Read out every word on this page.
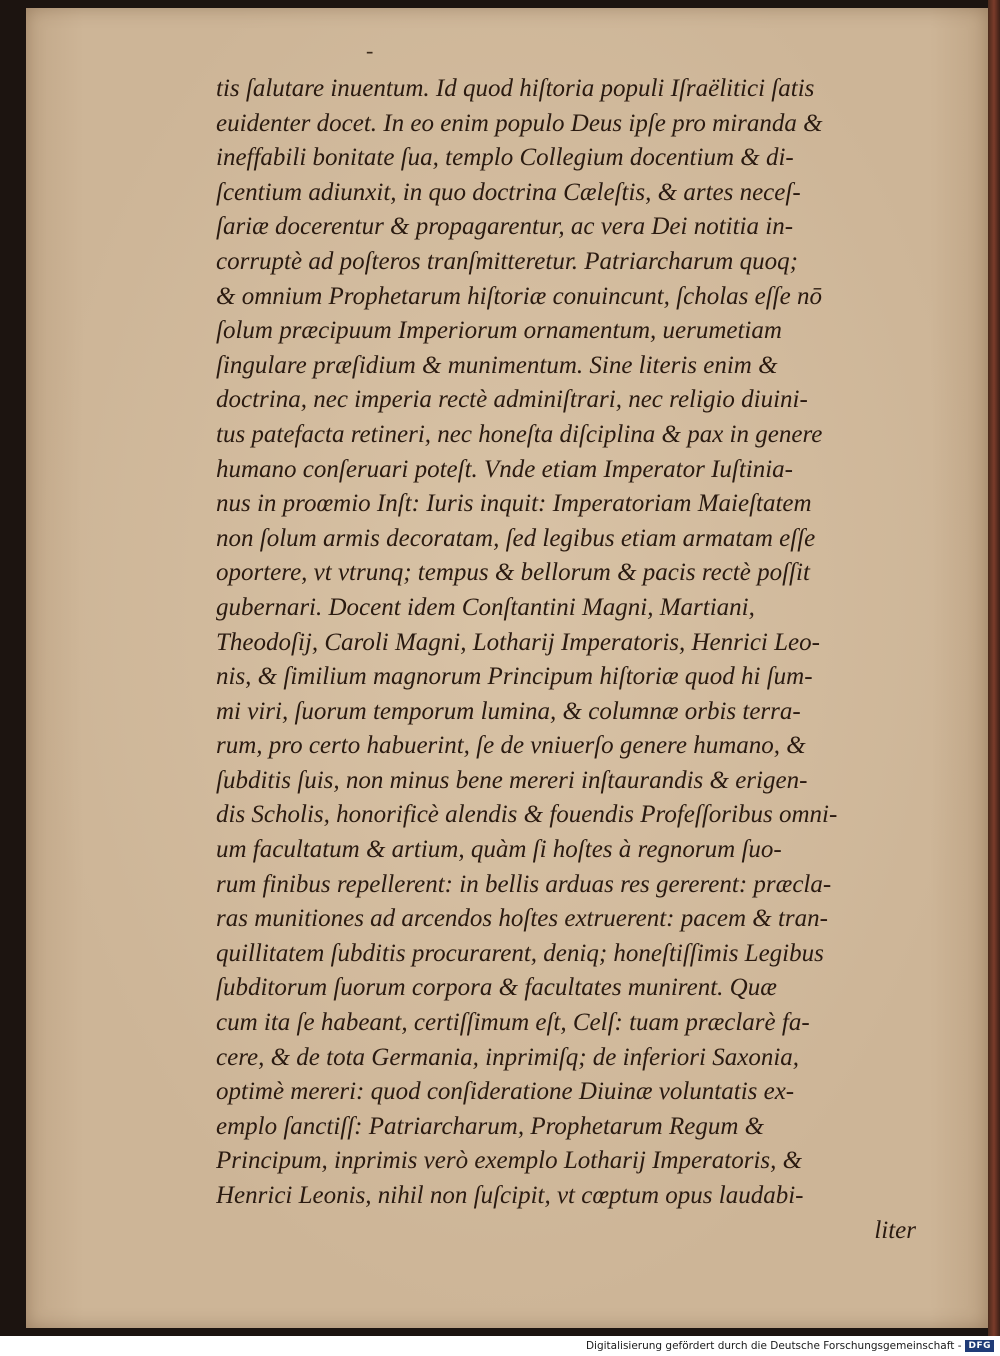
-
tis ſalutare inuentum. Id quod hiſtoria populi Iſraëlitici ſatis
euidenter docet. In eo enim populo Deus ipſe pro miranda &
ineffabili bonitate ſua, templo Collegium docentium & di-
ſcentium adiunxit, in quo doctrina Cæleſtis, & artes neceſ-
ſariæ docerentur & propagarentur, ac vera Dei notitia in-
corruptè ad poſteros tranſmitteretur. Patriarcharum quoq;
& omnium Prophetarum hiſtoriæ conuincunt, ſcholas eſſe nō
ſolum præcipuum Imperiorum ornamentum, uerumetiam
ſingulare præſidium & munimentum. Sine literis enim &
doctrina, nec imperia rectè adminiſtrari, nec religio diuini-
tus patefacta retineri, nec honeſta diſciplina & pax in genere
humano conſeruari poteſt. Vnde etiam Imperator Iuſtinia-
nus in proœmio Inſt: Iuris inquit: Imperatoriam Maieſtatem
non ſolum armis decoratam, ſed legibus etiam armatam eſſe
oportere, vt vtrunq; tempus & bellorum & pacis rectè poſſit
gubernari. Docent idem Conſtantini Magni, Martiani,
Theodoſij, Caroli Magni, Lotharij Imperatoris, Henrici Leo-
nis, & ſimilium magnorum Principum hiſtoriæ quod hi ſum-
mi viri, ſuorum temporum lumina, & columnæ orbis terra-
rum, pro certo habuerint, ſe de vniuerſo genere humano, &
ſubditis ſuis, non minus bene mereri inſtaurandis & erigen-
dis Scholis, honorificè alendis & fouendis Profeſſoribus omni-
um facultatum & artium, quàm ſi hoſtes à regnorum ſuo-
rum finibus repellerent: in bellis arduas res gererent: præcla-
ras munitiones ad arcendos hoſtes extruerent: pacem & tran-
quillitatem ſubditis procurarent, deniq; honeſtiſſimis Legibus
ſubditorum ſuorum corpora & facultates munirent. Quæ
cum ita ſe habeant, certiſſimum eſt, Celſ: tuam præclarè fa-
cere, & de tota Germania, inprimiſq; de inferiori Saxonia,
optimè mereri: quod conſideratione Diuinæ voluntatis ex-
emplo ſanctiſſ: Patriarcharum, Prophetarum Regum &
Principum, inprimis verò exemplo Lotharij Imperatoris, &
Henrici Leonis, nihil non ſuſcipit, vt cœptum opus laudabi-
liter
Digitalisierung gefördert durch die Deutsche Forschungsgemeinschaft - DFG
